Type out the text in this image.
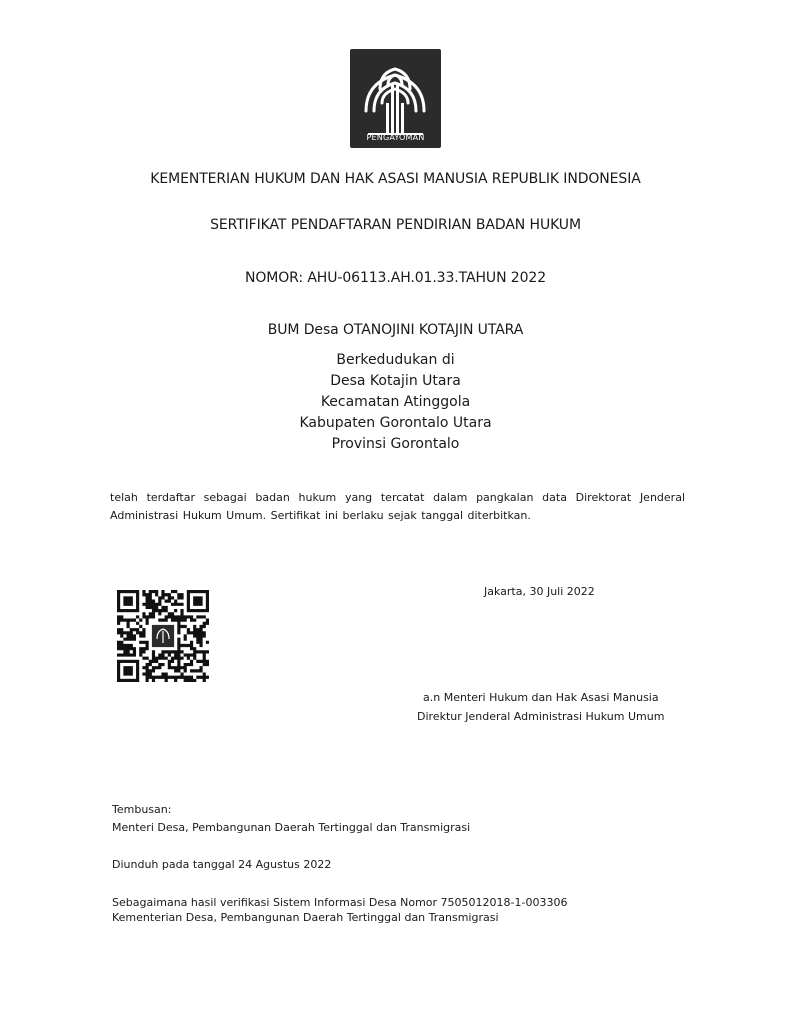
PENGAYOMAN
KEMENTERIAN HUKUM DAN HAK ASASI MANUSIA REPUBLIK INDONESIA
SERTIFIKAT PENDAFTARAN PENDIRIAN BADAN HUKUM
NOMOR: AHU-06113.AH.01.33.TAHUN 2022
BUM Desa OTANOJINI KOTAJIN UTARA
Berkedudukan di
Desa Kotajin Utara
Kecamatan Atinggola
Kabupaten Gorontalo Utara
Provinsi Gorontalo
telah terdaftar sebagai badan hukum yang tercatat dalam pangkalan data Direktorat Jenderal Administrasi Hukum Umum. Sertifikat ini berlaku sejak tanggal diterbitkan.
Jakarta, 30 Juli 2022
a.n Menteri Hukum dan Hak Asasi Manusia
Direktur Jenderal Administrasi Hukum Umum
Tembusan:
Menteri Desa, Pembangunan Daerah Tertinggal dan Transmigrasi
Diunduh pada tanggal 24 Agustus 2022
Sebagaimana hasil verifikasi Sistem Informasi Desa Nomor 7505012018-1-003306
Kementerian Desa, Pembangunan Daerah Tertinggal dan Transmigrasi
